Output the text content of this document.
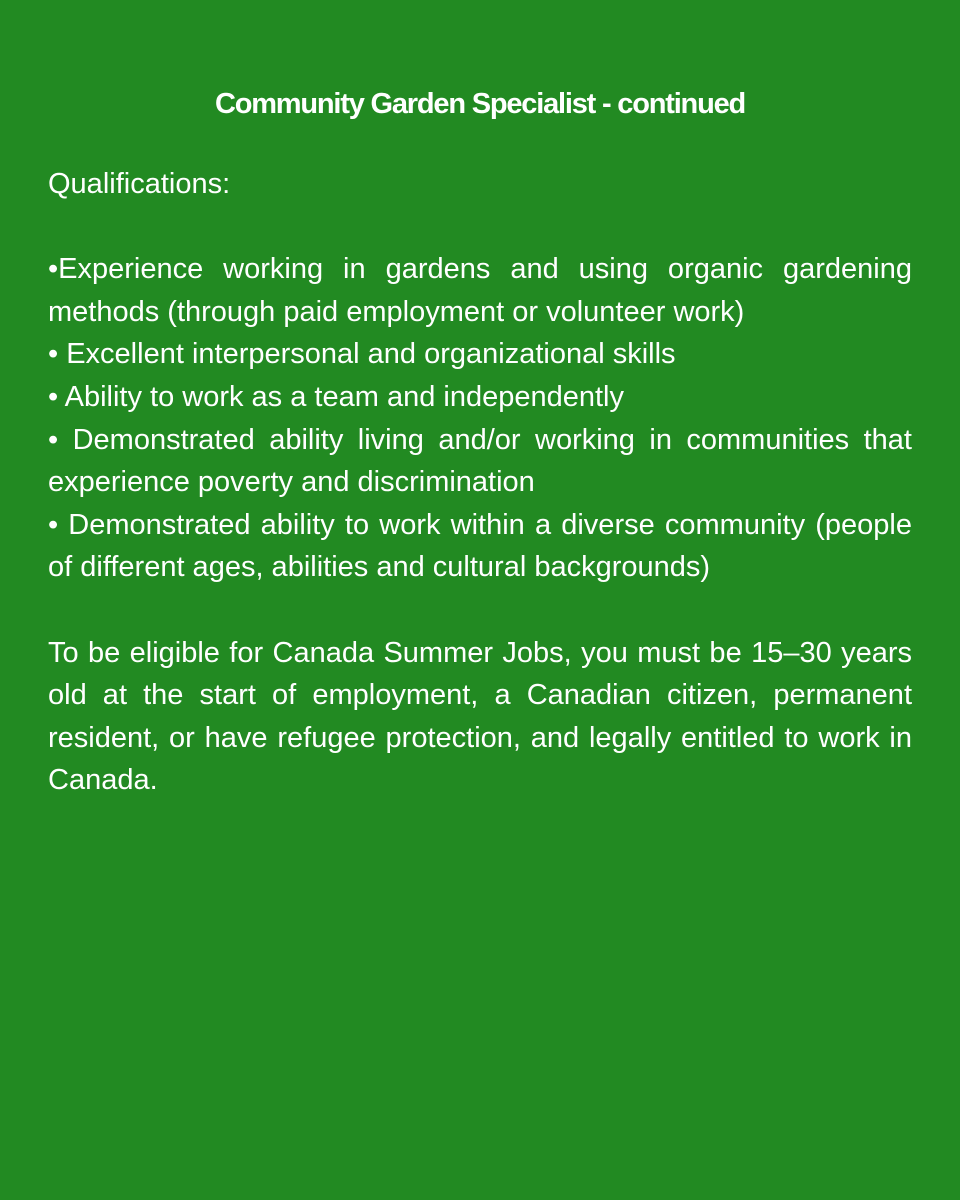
Community Garden Specialist - continued

Qualifications:

•Experience working in gardens and using organic gardening methods (through paid employment or volunteer work)
• Excellent interpersonal and organizational skills
• Ability to work as a team and independently
• Demonstrated ability living and/or working in communities that experience poverty and discrimination
• Demonstrated ability to work within a diverse community (people of different ages, abilities and cultural backgrounds)

To be eligible for Canada Summer Jobs, you must be 15–30 years old at the start of employment, a Canadian citizen, permanent resident, or have refugee protection, and legally entitled to work in Canada.
